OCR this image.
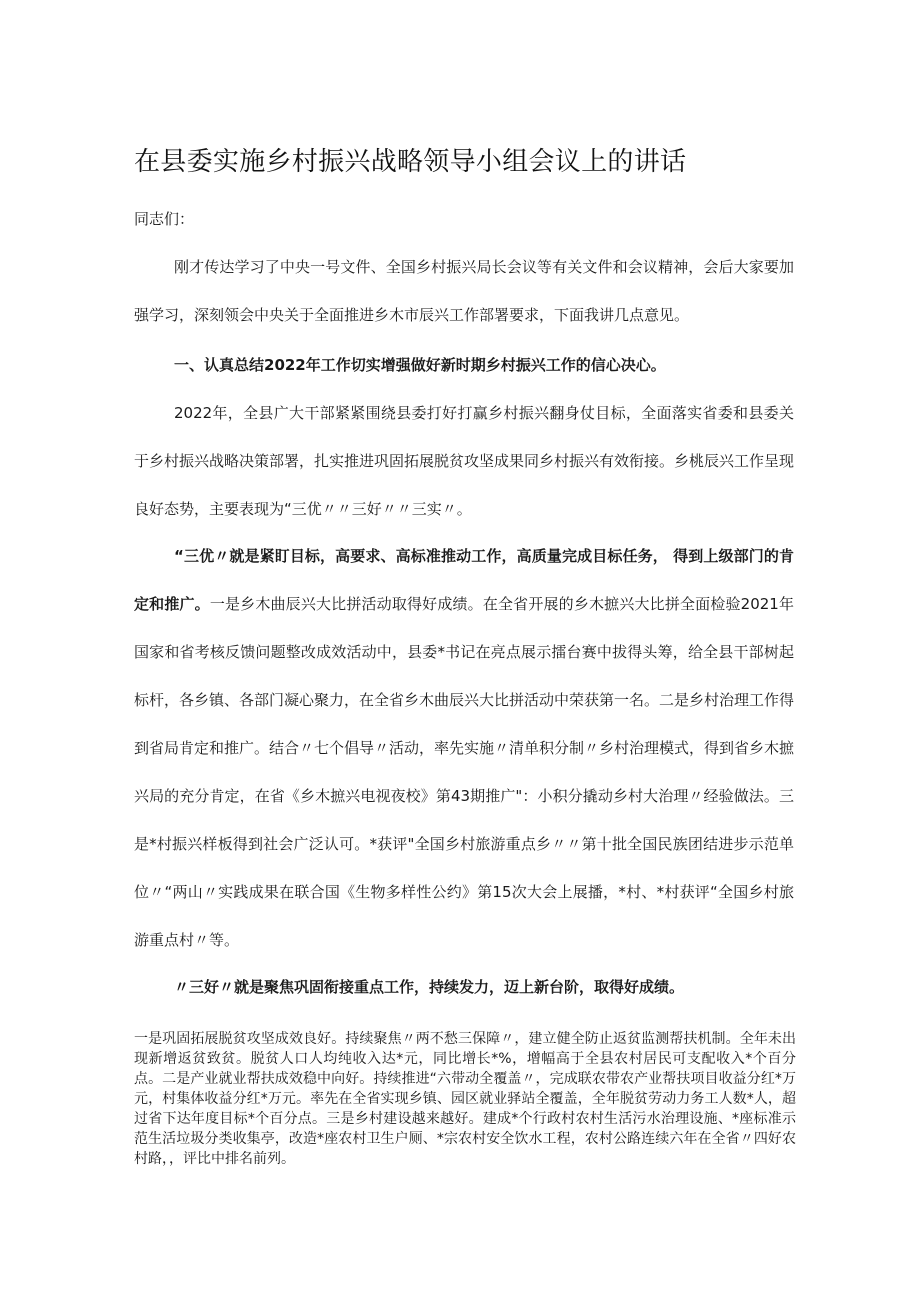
在县委实施乡村振兴战略领导小组会议上的讲话

同志们：

刚才传达学习了中央一号文件、全国乡村振兴局长会议等有关文件和会议精神，会后大家要加强学习，深刻领会中央关于全面推进乡木市辰兴工作部署要求，下面我讲几点意见。

一、认真总结2022年工作切实增强做好新时期乡村振兴工作的信心决心。

2022年，全县广大干部紧紧围绕县委打好打赢乡村振兴翻身仗目标，全面落实省委和县委关于乡村振兴战略决策部署，扎实推进巩固拓展脱贫攻坚成果同乡村振兴有效衔接。乡桃辰兴工作呈现良好态势，主要表现为“三优〃〃三好〃〃三实〃。

“三优〃就是紧盯目标，高要求、高标准推动工作，高质量完成目标任务， 得到上级部门的肯定和推广。一是乡木曲辰兴大比拼活动取得好成绩。在全省开展的乡木摭兴大比拼全面检验2021年国家和省考核反馈问题整改成效活动中，县委*书记在亮点展示擂台赛中拔得头筹，给全县干部树起标杆，各乡镇、各部门凝心聚力，在全省乡木曲辰兴大比拼活动中荣获第一名。二是乡村治理工作得到省局肯定和推广。结合〃七个倡导〃活动，率先实施〃清单积分制〃乡村治理模式，得到省乡木摭兴局的充分肯定，在省《乡木摭兴电视夜校》第43期推广"：小积分撬动乡村大治理〃经验做法。三是*村振兴样板得到社会广泛认可。*获评"全国乡村旅游重点乡〃〃第十批全国民族团结进步示范单位〃“两山〃实践成果在联合国《生物多样性公约》第15次大会上展播，*村、*村获评“全国乡村旅游重点村〃等。

〃三好〃就是聚焦巩固衔接重点工作，持续发力，迈上新台阶，取得好成绩。

一是巩固拓展脱贫攻坚成效良好。持续聚焦〃两不愁三保障〃，建立健全防止返贫监测帮扶机制。全年未出现新增返贫致贫。脱贫人口人均纯收入达*元，同比增长*%，增幅高于全县农村居民可支配收入*个百分点。二是产业就业帮扶成效稳中向好。持续推进“六带动全覆盖〃，完成联农带农产业帮扶项目收益分红*万元，村集体收益分红*万元。率先在全省实现乡镇、园区就业驿站全覆盖，全年脱贫劳动力务工人数*人，超过省下达年度目标*个百分点。三是乡村建设越来越好。建成*个行政村农村生活污水治理设施、*座标准示范生活垃圾分类收集亭，改造*座农村卫生户厕、*宗农村安全饮水工程，农村公路连续六年在全省〃四好农村路，，评比中排名前列。
